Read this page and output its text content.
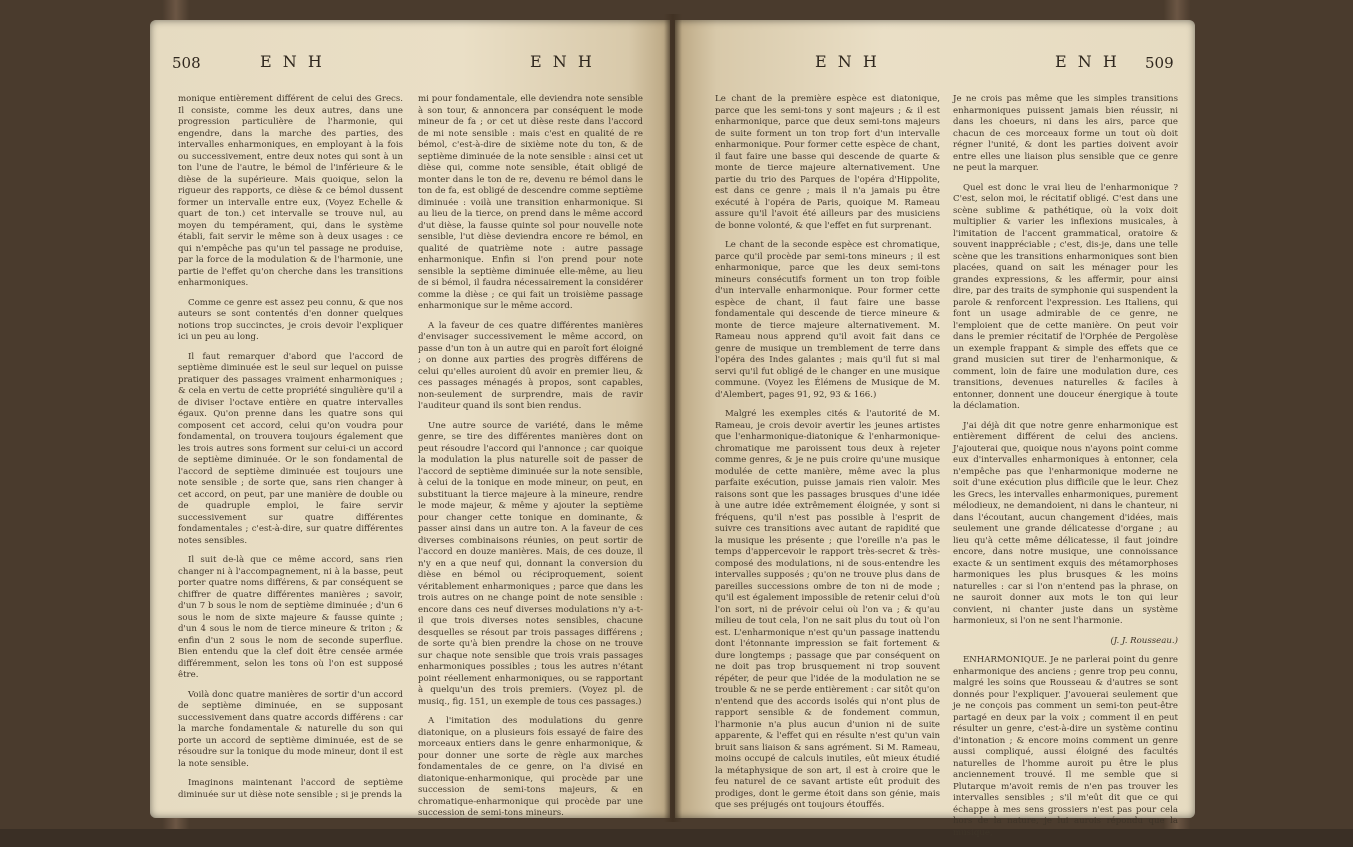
508	E N H	E N H

monique entièrement différent de celui des Grecs. Il consiste, comme les deux autres, dans une progression particulière de l'harmonie, qui engendre, dans la marche des parties, des intervalles enharmoniques, en employant à la fois ou successivement, entre deux notes qui sont à un ton l'une de l'autre, le bémol de l'inférieure & le dièse de la supérieure. Mais quoique, selon la rigueur des rapports, ce dièse & ce bémol dussent former un intervalle entre eux, (Voyez Echelle & quart de ton.) cet intervalle se trouve nul, au moyen du tempérament, qui, dans le système établi, fait servir le même son à deux usages : ce qui n'empêche pas qu'un tel passage ne produise, par la force de la modulation & de l'harmonie, une partie de l'effet qu'on cherche dans les transitions enharmoniques.

Comme ce genre est assez peu connu, & que nos auteurs se sont contentés d'en donner quelques notions trop succinctes, je crois devoir l'expliquer ici un peu au long.

Il faut remarquer d'abord que l'accord de septième diminuée est le seul sur lequel on puisse pratiquer des passages vraiment enharmoniques ; & cela en vertu de cette propriété singulière qu'il a de diviser l'octave entière en quatre intervalles égaux. Qu'on prenne dans les quatre sons qui composent cet accord, celui qu'on voudra pour fondamental, on trouvera toujours également que les trois autres sons forment sur celui-ci un accord de septième diminuée. Or le son fondamental de l'accord de septième diminuée est toujours une note sensible ; de sorte que, sans rien changer à cet accord, on peut, par une manière de double ou de quadruple emploi, le faire servir successivement sur quatre différentes fondamentales ; c'est-à-dire, sur quatre différentes notes sensibles.

Il suit de-là que ce même accord, sans rien changer ni à l'accompagnement, ni à la basse, peut porter quatre noms différens, & par conséquent se chiffrer de quatre différentes manières ; savoir, d'un 7 b sous le nom de septième diminuée ; d'un 6 sous le nom de sixte majeure & fausse quinte ; d'un 4 sous le nom de tierce mineure & triton ; & enfin d'un 2 sous le nom de seconde superflue. Bien entendu que la clef doit être censée armée différemment, selon les tons où l'on est supposé être.

Voilà donc quatre manières de sortir d'un accord de septième diminuée, en se supposant successivement dans quatre accords différens : car la marche fondamentale & naturelle du son qui porte un accord de septième diminuée, est de se résoudre sur la tonique du mode mineur, dont il est la note sensible.

Imaginons maintenant l'accord de septième diminuée sur ut dièse note sensible ; si je prends la

mi pour fondamentale, elle deviendra note sensible à son tour, & annoncera par conséquent le mode mineur de fa ; or cet ut dièse reste dans l'accord de mi note sensible : mais c'est en qualité de re bémol, c'est-à-dire de sixième note du ton, & de septième diminuée de la note sensible : ainsi cet ut dièse qui, comme note sensible, était obligé de monter dans le ton de re, devenu re bémol dans le ton de fa, est obligé de descendre comme septième diminuée : voilà une transition enharmonique. Si au lieu de la tierce, on prend dans le même accord d'ut dièse, la fausse quinte sol pour nouvelle note sensible, l'ut dièse deviendra encore re bémol, en qualité de quatrième note : autre passage enharmonique. Enfin si l'on prend pour note sensible la septième diminuée elle-même, au lieu de si bémol, il faudra nécessairement la considérer comme la dièse ; ce qui fait un troisième passage enharmonique sur le même accord.

A la faveur de ces quatre différentes manières d'envisager successivement le même accord, on passe d'un ton à un autre qui en paroît fort éloigné ; on donne aux parties des progrès différens de celui qu'elles auroient dû avoir en premier lieu, & ces passages ménagés à propos, sont capables, non-seulement de surprendre, mais de ravir l'auditeur quand ils sont bien rendus.

Une autre source de variété, dans le même genre, se tire des différentes manières dont on peut résoudre l'accord qui l'annonce ; car quoique la modulation la plus naturelle soit de passer de l'accord de septième diminuée sur la note sensible, à celui de la tonique en mode mineur, on peut, en substituant la tierce majeure à la mineure, rendre le mode majeur, & même y ajouter la septième pour changer cette tonique en dominante, & passer ainsi dans un autre ton. A la faveur de ces diverses combinaisons réunies, on peut sortir de l'accord en douze manières. Mais, de ces douze, il n'y en a que neuf qui, donnant la conversion du dièse en bémol ou réciproquement, soient véritablement enharmoniques ; parce que dans les trois autres on ne change point de note sensible : encore dans ces neuf diverses modulations n'y a-t-il que trois diverses notes sensibles, chacune desquelles se résout par trois passages différens ; de sorte qu'à bien prendre la chose on ne trouve sur chaque note sensible que trois vrais passages enharmoniques possibles ; tous les autres n'étant point réellement enharmoniques, ou se rapportant à quelqu'un des trois premiers. (Voyez pl. de musiq., fig. 151, un exemple de tous ces passages.)

A l'imitation des modulations du genre diatonique, on a plusieurs fois essayé de faire des morceaux entiers dans le genre enharmonique, & pour donner une sorte de règle aux marches fondamentales de ce genre, on l'a divisé en diatonique-enharmonique, qui procède par une succession de semi-tons majeurs, & en chromatique-enharmonique qui procède par une succession de semi-tons mineurs.

E N H	E N H 509

Le chant de la première espèce est diatonique, parce que les semi-tons y sont majeurs ; & il est enharmonique, parce que deux semi-tons majeurs de suite forment un ton trop fort d'un intervalle enharmonique. Pour former cette espèce de chant, il faut faire une basse qui descende de quarte & monte de tierce majeure alternativement. Une partie du trio des Parques de l'opéra d'Hippolite, est dans ce genre ; mais il n'a jamais pu être exécuté à l'opéra de Paris, quoique M. Rameau assure qu'il l'avoit été ailleurs par des musiciens de bonne volonté, & que l'effet en fut surprenant.

Le chant de la seconde espèce est chromatique, parce qu'il procède par semi-tons mineurs ; il est enharmonique, parce que les deux semi-tons mineurs consécutifs forment un ton trop foible d'un intervalle enharmonique. Pour former cette espèce de chant, il faut faire une basse fondamentale qui descende de tierce mineure & monte de tierce majeure alternativement. M. Rameau nous apprend qu'il avoit fait dans ce genre de musique un tremblement de terre dans l'opéra des Indes galantes ; mais qu'il fut si mal servi qu'il fut obligé de le changer en une musique commune. (Voyez les Élémens de Musique de M. d'Alembert, pages 91, 92, 93 & 166.)

Malgré les exemples cités & l'autorité de M. Rameau, je crois devoir avertir les jeunes artistes que l'enharmonique-diatonique & l'enharmonique-chromatique me paroissent tous deux à rejeter comme genres, & je ne puis croire qu'une musique modulée de cette manière, même avec la plus parfaite exécution, puisse jamais rien valoir. Mes raisons sont que les passages brusques d'une idée à une autre idée extrêmement éloignée, y sont si fréquens, qu'il n'est pas possible à l'esprit de suivre ces transitions avec autant de rapidité que la musique les présente ; que l'oreille n'a pas le temps d'appercevoir le rapport très-secret & très-composé des modulations, ni de sous-entendre les intervalles supposés ; qu'on ne trouve plus dans de pareilles successions ombre de ton ni de mode ; qu'il est également impossible de retenir celui d'où l'on sort, ni de prévoir celui où l'on va ; & qu'au milieu de tout cela, l'on ne sait plus du tout où l'on est. L'enharmonique n'est qu'un passage inattendu dont l'étonnante impression se fait fortement & dure longtemps ; passage que par conséquent on ne doit pas trop brusquement ni trop souvent répéter, de peur que l'idée de la modulation ne se trouble & ne se perde entièrement : car sitôt qu'on n'entend que des accords isolés qui n'ont plus de rapport sensible & de fondement commun, l'harmonie n'a plus aucun d'union ni de suite apparente, & l'effet qui en résulte n'est qu'un vain bruit sans liaison & sans agrément. Si M. Rameau, moins occupé de calculs inutiles, eût mieux étudié la métaphysique de son art, il est à croire que le feu naturel de ce savant artiste eût produit des prodiges, dont le germe étoit dans son génie, mais que ses préjugés ont toujours étouffés.

Je ne crois pas même que les simples transitions enharmoniques puissent jamais bien réussir, ni dans les choeurs, ni dans les airs, parce que chacun de ces morceaux forme un tout où doit régner l'unité, & dont les parties doivent avoir entre elles une liaison plus sensible que ce genre ne peut la marquer.

Quel est donc le vrai lieu de l'enharmonique ? C'est, selon moi, le récitatif obligé. C'est dans une scène sublime & pathétique, où la voix doit multiplier & varier les inflexions musicales, à l'imitation de l'accent grammatical, oratoire & souvent inappréciable ; c'est, dis-je, dans une telle scène que les transitions enharmoniques sont bien placées, quand on sait les ménager pour les grandes expressions, & les affermir, pour ainsi dire, par des traits de symphonie qui suspendent la parole & renforcent l'expression. Les Italiens, qui font un usage admirable de ce genre, ne l'emploient que de cette manière. On peut voir dans le premier récitatif de l'Orphée de Pergolèse un exemple frappant & simple des effets que ce grand musicien sut tirer de l'enharmonique, & comment, loin de faire une modulation dure, ces transitions, devenues naturelles & faciles à entonner, donnent une douceur énergique à toute la déclamation.

J'ai déjà dit que notre genre enharmonique est entièrement différent de celui des anciens. J'ajouterai que, quoique nous n'ayons point comme eux d'intervalles enharmoniques à entonner, cela n'empêche pas que l'enharmonique moderne ne soit d'une exécution plus difficile que le leur. Chez les Grecs, les intervalles enharmoniques, purement mélodieux, ne demandoient, ni dans le chanteur, ni dans l'écoutant, aucun changement d'idées, mais seulement une grande délicatesse d'organe ; au lieu qu'à cette même délicatesse, il faut joindre encore, dans notre musique, une connoissance exacte & un sentiment exquis des métamorphoses harmoniques les plus brusques & les moins naturelles : car si l'on n'entend pas la phrase, on ne sauroit donner aux mots le ton qui leur convient, ni chanter juste dans un système harmonieux, si l'on ne sent l'harmonie.

(J. J. Rousseau.)

ENHARMONIQUE. Je ne parlerai point du genre enharmonique des anciens ; genre trop peu connu, malgré les soins que Rousseau & d'autres se sont donnés pour l'expliquer. J'avouerai seulement que je ne conçois pas comment un semi-ton peut-être partagé en deux par la voix ; comment il en peut résulter un genre, c'est-à-dire un système continu d'intonation ; & encore moins comment un genre aussi compliqué, aussi éloigné des facultés naturelles de l'homme auroit pu être le plus anciennement trouvé. Il me semble que si Plutarque m'avoit remis de n'en pas trouver les intervalles sensibles ; s'il m'eût dit que ce qui échappe à mes sens grossiers n'est pas pour cela hors de la nature, je lui aurois répondu que la musique,
